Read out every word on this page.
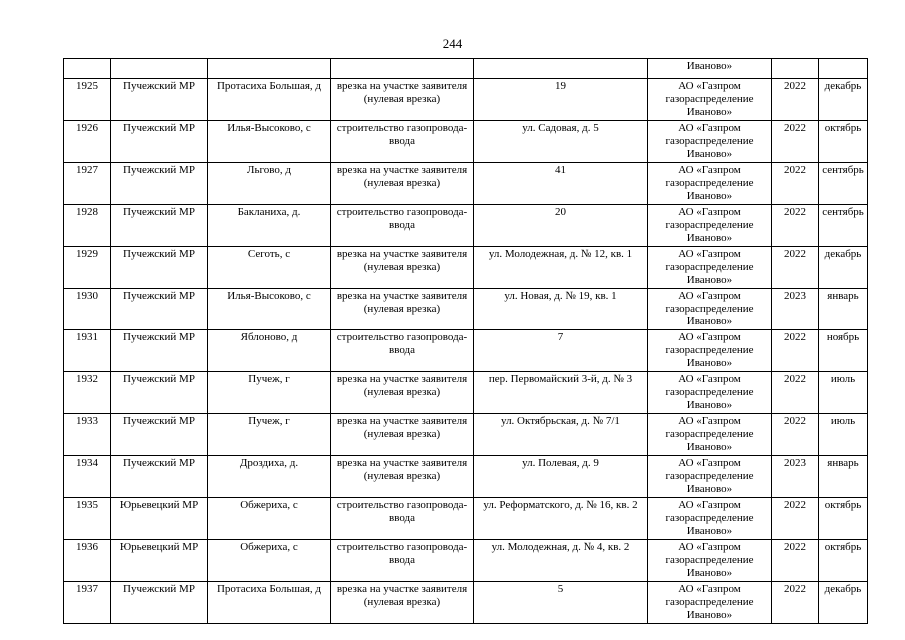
244
					Иваново»		
1925	Пучежский МР	Протасиха Большая, д	врезка на участке заявителя (нулевая врезка)	19	АО «Газпром газораспределение Иваново»	2022	декабрь
1926	Пучежский МР	Илья-Высоково, с	строительство газопровода-ввода	ул. Садовая, д. 5	АО «Газпром газораспределение Иваново»	2022	октябрь
1927	Пучежский МР	Льгово, д	врезка на участке заявителя (нулевая врезка)	41	АО «Газпром газораспределение Иваново»	2022	сентябрь
1928	Пучежский МР	Бакланиха, д.	строительство газопровода-ввода	20	АО «Газпром газораспределение Иваново»	2022	сентябрь
1929	Пучежский МР	Сеготь, с	врезка на участке заявителя (нулевая врезка)	ул. Молодежная, д. № 12, кв. 1	АО «Газпром газораспределение Иваново»	2022	декабрь
1930	Пучежский МР	Илья-Высоково, с	врезка на участке заявителя (нулевая врезка)	ул. Новая, д. № 19, кв. 1	АО «Газпром газораспределение Иваново»	2023	январь
1931	Пучежский МР	Яблоново, д	строительство газопровода-ввода	7	АО «Газпром газораспределение Иваново»	2022	ноябрь
1932	Пучежский МР	Пучеж, г	врезка на участке заявителя (нулевая врезка)	пер. Первомайский 3-й, д. № 3	АО «Газпром газораспределение Иваново»	2022	июль
1933	Пучежский МР	Пучеж, г	врезка на участке заявителя (нулевая врезка)	ул. Октябрьская, д. № 7/1	АО «Газпром газораспределение Иваново»	2022	июль
1934	Пучежский МР	Дроздиха, д.	врезка на участке заявителя (нулевая врезка)	ул. Полевая, д. 9	АО «Газпром газораспределение Иваново»	2023	январь
1935	Юрьевецкий МР	Обжериха, с	строительство газопровода-ввода	ул. Реформатского, д. № 16, кв. 2	АО «Газпром газораспределение Иваново»	2022	октябрь
1936	Юрьевецкий МР	Обжериха, с	строительство газопровода-ввода	ул. Молодежная, д. № 4, кв. 2	АО «Газпром газораспределение Иваново»	2022	октябрь
1937	Пучежский МР	Протасиха Большая, д	врезка на участке заявителя (нулевая врезка)	5	АО «Газпром газораспределение Иваново»	2022	декабрь
